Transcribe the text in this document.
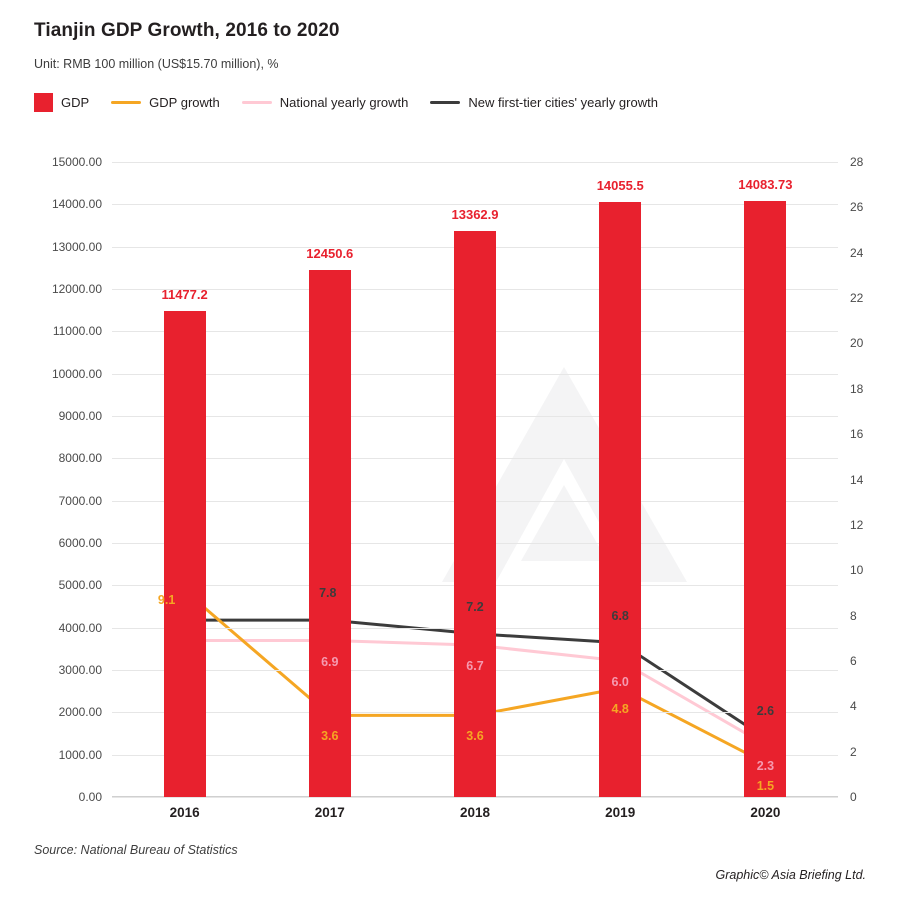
Tianjin GDP Growth, 2016 to 2020
Unit: RMB 100 million (US$15.70 million), %
GDP	GDP growth	National yearly growth	New first-tier cities' yearly growth
0.00
1000.00
2000.00
3000.00
4000.00
5000.00
6000.00
7000.00
8000.00
9000.00
10000.00
11000.00
12000.00
13000.00
14000.00
15000.00
0
2
4
6
8
10
12
14
16
18
20
22
24
26
28
2016	2017	2018	2019	2020
11477.2
12450.6
13362.9
14055.5	14083.73
9.1
3.6	3.6
4.8
1.5
6.9	6.7
6.0
2.3
7.8
7.2
6.8
2.6
Source: National Bureau of Statistics
Graphic© Asia Briefing Ltd.
